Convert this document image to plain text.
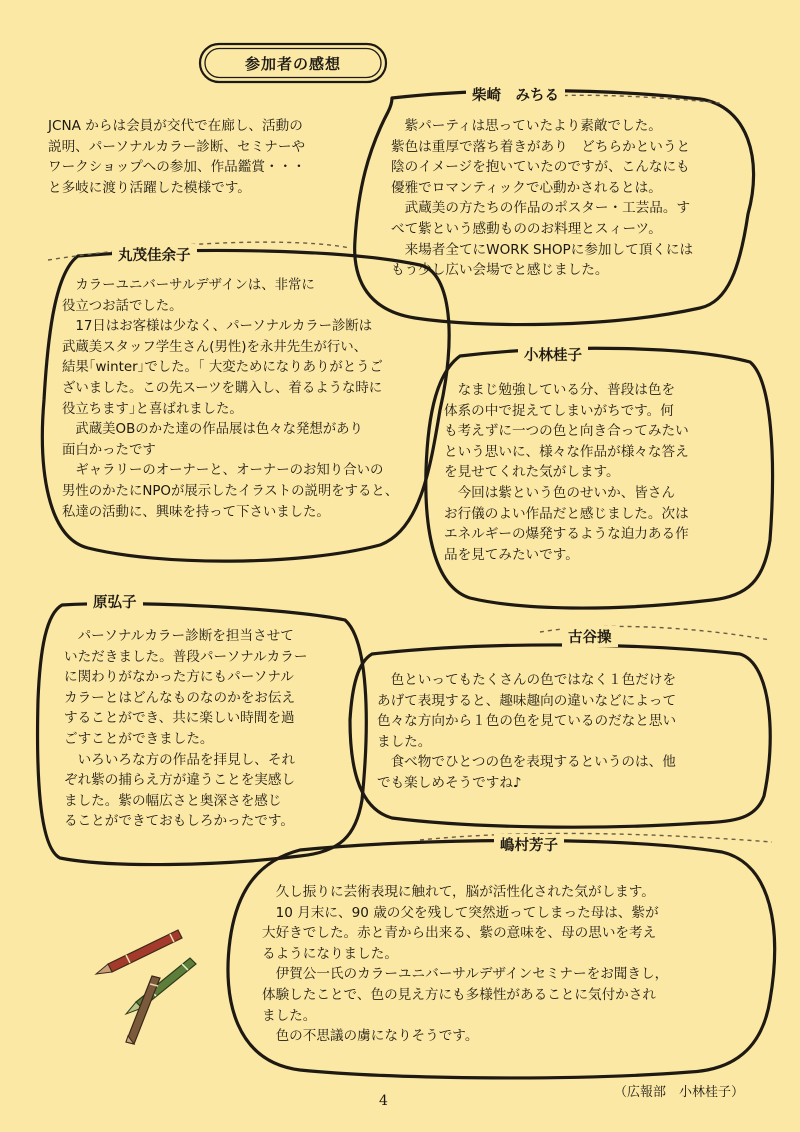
参加者の感想
JCNA からは会員が交代で在廊し、活動の
説明、パーソナルカラー診断、セミナーや
ワークショップへの参加、作品鑑賞・・・
と多岐に渡り活躍した模様です。
柴崎　みちる
　紫パーティは思っていたより素敵でした。
紫色は重厚で落ち着きがあり　どちらかというと
陰のイメージを抱いていたのですが、こんなにも
優雅でロマンティックで心動かされるとは。
　武蔵美の方たちの作品のポスター・工芸品。す
べて紫という感動もののお料理とスィーツ。
　来場者全てにWORK SHOPに参加して頂くには
もう少し広い会場でと感じました。
丸茂佳余子
　カラーユニバーサルデザインは、非常に
役立つお話でした。
　17日はお客様は少なく、パーソナルカラー診断は
武蔵美スタッフ学生さん(男性)を永井先生が行い、
結果｢winter｣でした。｢ 大変ためになりありがとうご
ざいました。この先スーツを購入し、着るような時に
役立ちます｣と喜ばれました。
　武蔵美OBのかた達の作品展は色々な発想があり
面白かったです
　ギャラリーのオーナーと、オーナーのお知り合いの
男性のかたにNPOが展示したイラストの説明をすると、
私達の活動に、興味を持って下さいました。
小林桂子
　なまじ勉強している分、普段は色を
体系の中で捉えてしまいがちです。何
も考えずに一つの色と向き合ってみたい
という思いに、様々な作品が様々な答え
を見せてくれた気がします。
　今回は紫という色のせいか、皆さん
お行儀のよい作品だと感じました。次は
エネルギーの爆発するような迫力ある作
品を見てみたいです。
原弘子
　パーソナルカラー診断を担当させて
いただきました。普段パーソナルカラー
に関わりがなかった方にもパーソナル
カラーとはどんなものなのかをお伝え
することができ、共に楽しい時間を過
ごすことができました。
　いろいろな方の作品を拝見し、それ
ぞれ紫の捕らえ方が違うことを実感し
ました。紫の幅広さと奥深さを感じ
ることができておもしろかったです。
古谷操
　色といってもたくさんの色ではなく１色だけを
あげて表現すると、趣味趣向の違いなどによって
色々な方向から１色の色を見ているのだなと思い
ました。
　食べ物でひとつの色を表現するというのは、他
でも楽しめそうですね♪
嶋村芳子
　久し振りに芸術表現に触れて，脳が活性化された気がします。
　10 月末に、90 歳の父を残して突然逝ってしまった母は、紫が
大好きでした。赤と青から出来る、紫の意味を、母の思いを考え
るようになりました。
　伊賀公一氏のカラーユニバーサルデザインセミナーをお聞きし，
体験したことで、色の見え方にも多様性があることに気付かされ
ました。
　色の不思議の虜になりそうです。
（広報部　小林桂子）
4
